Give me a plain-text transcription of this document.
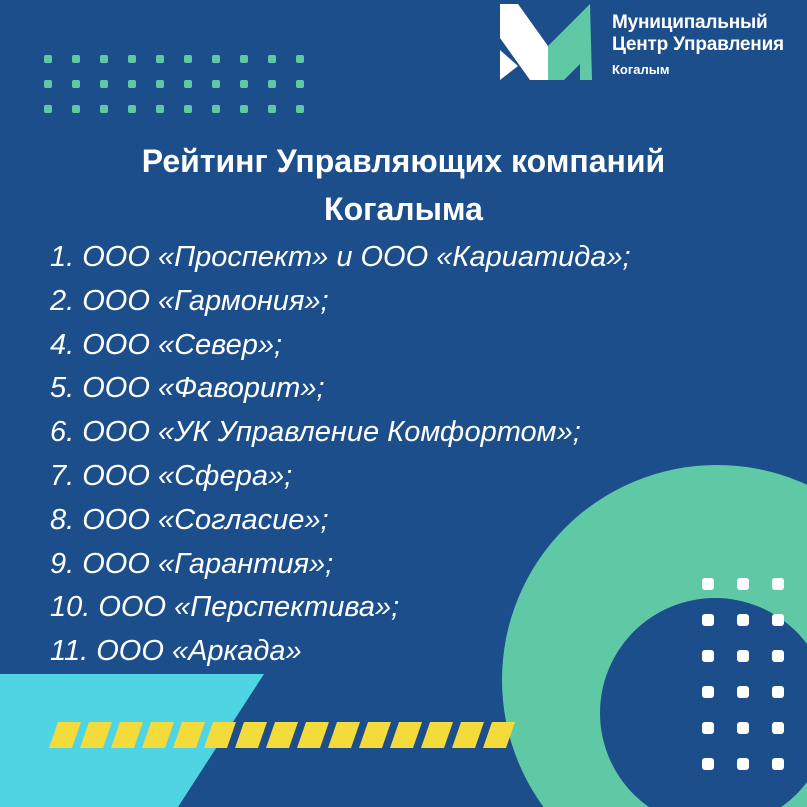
Муниципальный
Центр Управления
Когалым
Рейтинг Управляющих компаний
Когалыма
1. ООО «Проспект» и ООО «Кариатида»;
2. ООО «Гармония»;
4. ООО «Север»;
5. ООО «Фаворит»;
6. ООО «УК Управление Комфортом»;
7. ООО «Сфера»;
8. ООО «Согласие»;
9. ООО «Гарантия»;
10. ООО «Перспектива»;
11. ООО «Аркада»
